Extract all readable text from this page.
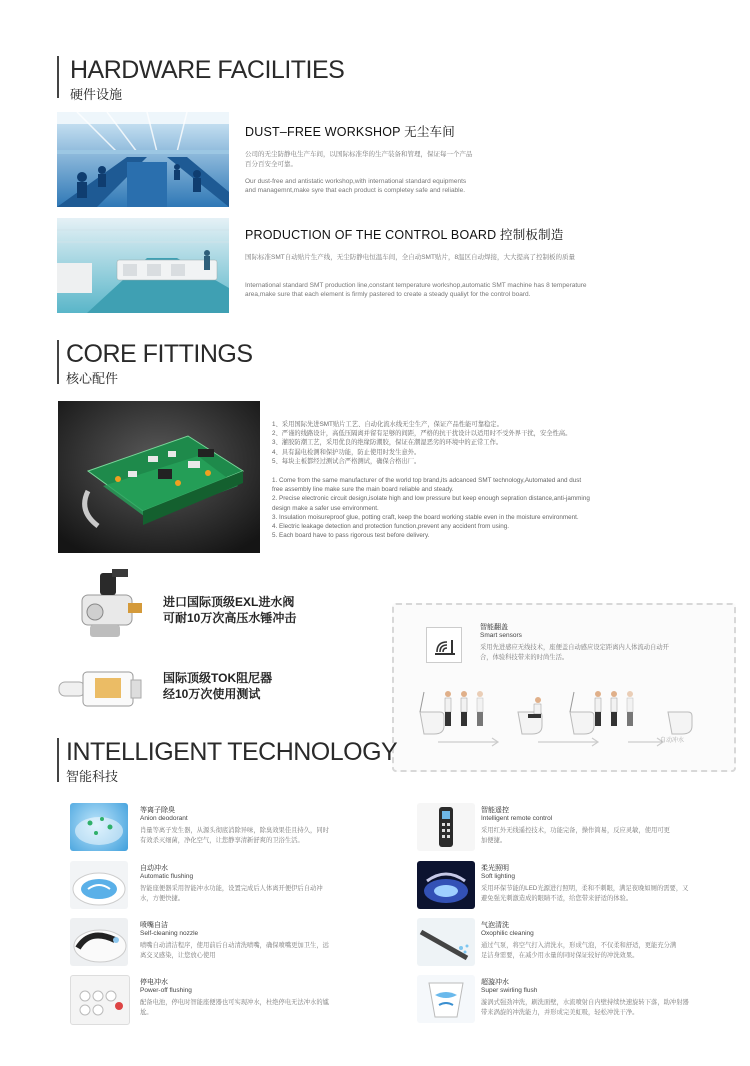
HARDWARE FACILITIES
硬件设施
DUST–FREE WORKSHOP 无尘车间
公司的无尘防静电生产车间，以国际标准华的生产装备和管理，保证每一个产品百分百安全可靠。
Our dust-free and antistatic workshop,with international standard equipments and managemnt,make syre that each product is completey safe and reliable.
PRODUCTION OF THE CONTROL BOARD 控制板制造
国际标准SMT自动贴片生产线，无尘防静电恒温车间，全自动SMT贴片，8温区自动焊接，大大提高了控制板的质量
International standard SMT production line,constant temperature workshop,automatic SMT machine has 8 temperature area,make sure that each element is firmly pastered to create a steady qualiyt for the control board.
CORE FITTINGS
核心配件
1、采用国际先进SMT贴片工艺、自动化流水线无尘生产，保证产品性能可靠稳定。
2、严谨的线路设计，高低压隔离并留有足够的间距，严格的抗干扰设计以适用时不受外界干扰，安全性高。
3、灌胶防潮工艺，采用优良的绝缘防潮胶，保证在潮湿恶劣的环境中的正常工作。
4、具有漏电检测和保护功能，防止使用时发生意外。
5、每块主板都经过测试合严格测试，确保合格出厂。
1. Come from the same manufacturer of the world top brand,its adcanced SMT technology,Automated and dust
free assembly line make sure the main board reliable and steady.
2. Precise electronic circuit design,isolate high and low pressure but keep enough sepration distance,anti-jamming
design make a safer use environment.
3. Insulation moisureproof glue, potting craft, keep the board working stable even in the moisture environment.
4. Electric leakage detection and protection function,prevent any accident from using.
5. Each board have to pass rigorous test before delivery.
进口国际顶级EXL进水阀
可耐10万次高压水锤冲击
国际顶级TOK阻尼器
经10万次使用测试
智能翻盖
Smart sensors
采用先进感应无线技术，座便盖自动感应设定距离内人体流动自动开合，体验科技带来的时尚生活。
自动冲水
INTELLIGENT TECHNOLOGY
智能科技
等离子除臭
Anion deodorant
肖量等离子发生器，从源头彻底消除异味，除臭效果佳且持久，同时有效杀灭细菌，净化空气，让您静享清新舒爽的卫浴生活。
自动冲水
Automatic flushing
智能座便器采用智能冲水功能，设置完成后人体离开便伊后自动冲水，方便快捷。
喷嘴自洁
Self-cleaning nozzle
喷嘴自动清洁程序，使用前后自动清洗喷嘴，确保喷嘴更加卫生，远离交叉感染，让您放心使用
停电冲水
Power-off flushing
配备电池，停电时智能座便器也可实现冲水，杜绝停电无法冲水的尴尬。
智能遥控
Intelligent remote control
采用红外无线遥控技术，功能完备，操作简易，反应灵敏，使用可更加便捷。
柔光照明
Soft lighting
采用环保节能的LED光源进行照明，柔和不刺眼，满足夜晚如厕的需要，又避免强光刺激造成的眼睛不适，给您带来舒适的体验。
气泡清洗
Oxophilic cleaning
通过气泵，将空气打入清洗水，形成气泡，不仅柔和舒适，更能充分满足洁身需要，在减少用水量的同时保证较好的冲洗效果。
超漩冲水
Super swirling flush
漩涡式强劲冲洗，刷洗面壁，水流喷射自内壁持续快速旋转下落，助冲射器带来涡旋的冲洗能力，并形成完美虹吸，轻松冲洗干净。
